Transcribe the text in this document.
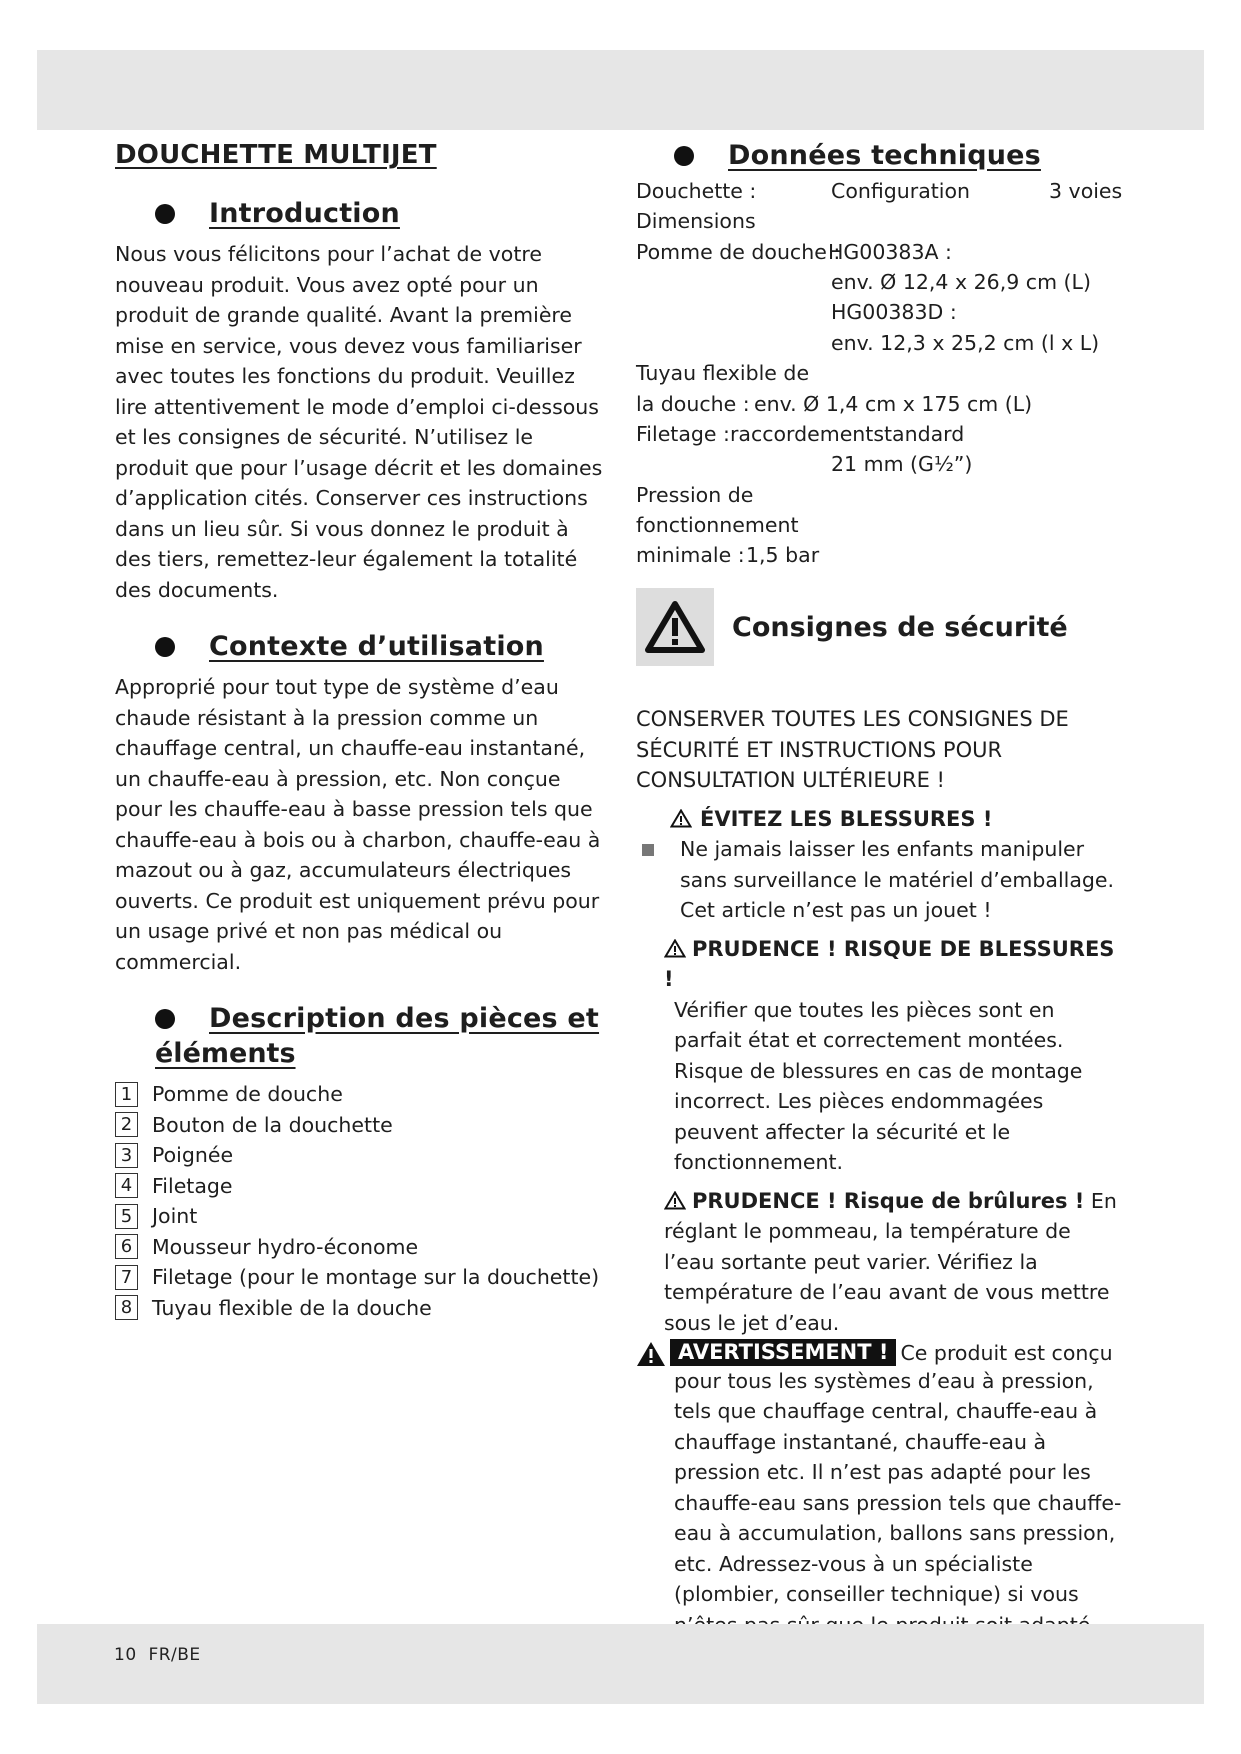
DOUCHETTE MULTIJET
Introduction

Nous vous félicitons pour l’achat de votre nouveau produit. Vous avez opté pour un produit de grande qualité. Avant la première mise en service, vous devez vous familiariser avec toutes les fonctions du produit. Veuillez lire attentivement le mode d’emploi ci-dessous et les consignes de sécurité. N’utilisez le produit que pour l’usage décrit et les domaines d’application cités. Conserver ces instructions dans un lieu sûr. Si vous donnez le produit à des tiers, remettez-leur également la totalité des documents.

Contexte d’utilisation

Approprié pour tout type de système d’eau chaude résistant à la pression comme un chauffage central, un chauffe-eau instantané, un chauffe-eau à pression, etc. Non conçue pour les chauffe-eau à basse pression tels que chauffe-eau à bois ou à charbon, chauffe-eau à mazout ou à gaz, accumulateurs électriques ouverts. Ce produit est uniquement prévu pour un usage privé et non pas médical ou commercial.

Description des pièces et
éléments
1 Pomme de douche
2 Bouton de la douchette
3 Poignée
4 Filetage
5 Joint
6 Mousseur hydro-économe
7 Filetage (pour le montage sur la douchette)
8 Tuyau flexible de la douche
Données techniques
Douchette :	Configuration	3 voies
Dimensions
Pomme de douche :
HG00383A :
env. Ø 12,4 x 26,9 cm (L)
HG00383D :
env. 12,3 x 25,2 cm (l x L)
Tuyau flexible de
la douche : env. Ø 1,4 cm x 175 cm (L)
Filetage :raccordementstandard
21 mm (G½”)
Pression de
fonctionnement
minimale : 1,5 bar
Consignes de sécurité

CONSERVER TOUTES LES CONSIGNES DE SÉCURITÉ ET INSTRUCTIONS POUR CONSULTATION ULTÉRIEURE !

ÉVITEZ LES BLESSURES !
Ne jamais laisser les enfants manipuler sans surveillance le matériel d’emballage. Cet article n’est pas un jouet !
PRUDENCE ! RISQUE DE BLESSURES !
Vérifier que toutes les pièces sont en parfait état et correctement montées. Risque de blessures en cas de montage incorrect. Les pièces endommagées peuvent affecter la sécurité et le fonctionnement.
PRUDENCE ! Risque de brûlures ! En réglant le pommeau, la température de l’eau sortante peut varier. Vérifiez la température de l’eau avant de vous mettre sous le jet d’eau.
AVERTISSEMENT ! Ce produit est conçu
pour tous les systèmes d’eau à pression, tels que chauffage central, chauffe-eau à chauffage instantané, chauffe-eau à pression etc. Il n’est pas adapté pour les chauffe-eau sans pression tels que chauffe-eau à accumulation, ballons sans pression, etc. Adressez-vous à un spécialiste (plombier, conseiller technique) si vous
10 FR/BE
